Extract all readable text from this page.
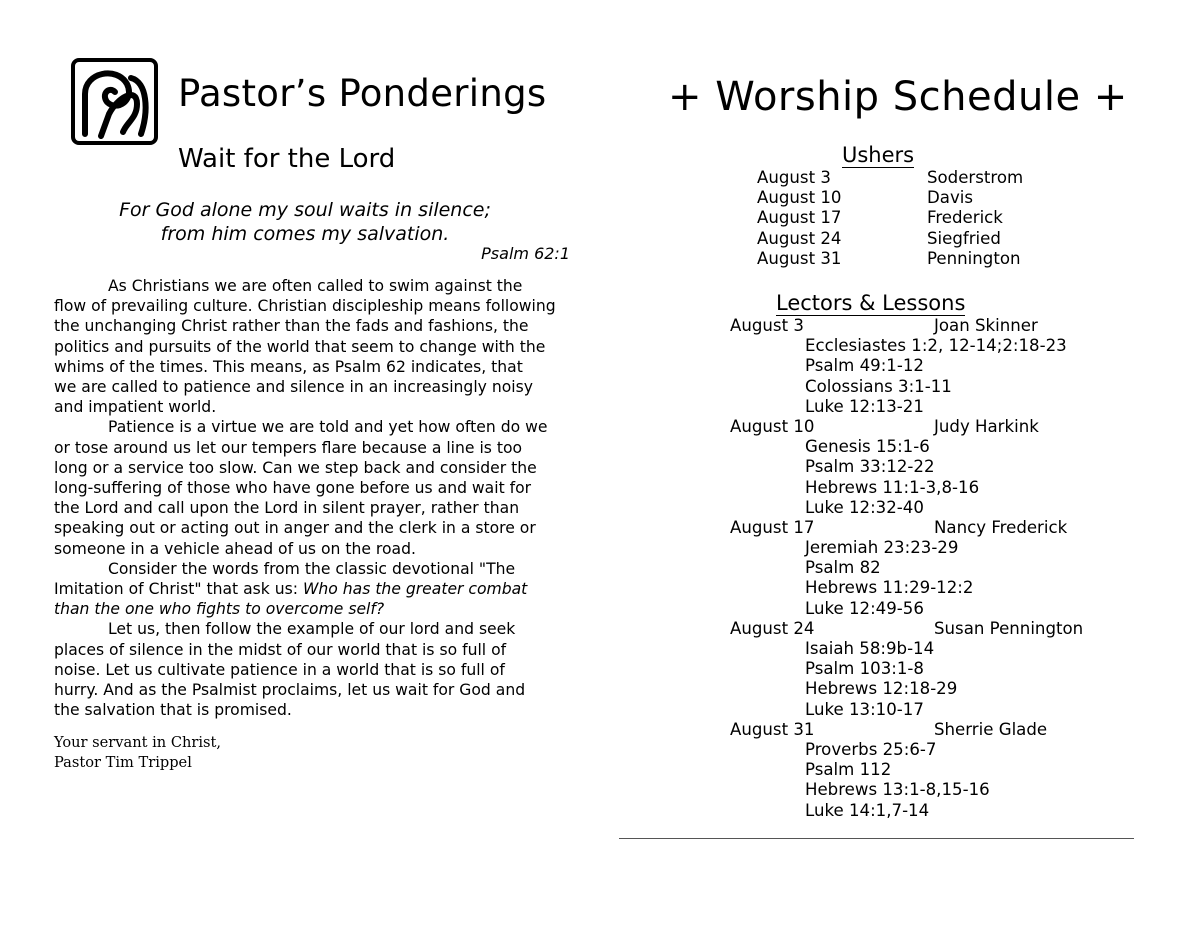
Pastor’s Ponderings
Wait for the Lord
For God alone my soul waits in silence;
from him comes my salvation.
Psalm 62:1
As Christians we are often called to swim against the
flow of prevailing culture. Christian discipleship means following
the unchanging Christ rather than the fads and fashions, the
politics and pursuits of the world that seem to change with the
whims of the times. This means, as Psalm 62 indicates, that
we are called to patience and silence in an increasingly noisy
and impatient world.
Patience is a virtue we are told and yet how often do we
or tose around us let our tempers flare because a line is too
long or a service too slow. Can we step back and consider the
long-suffering of those who have gone before us and wait for
the Lord and call upon the Lord in silent prayer, rather than
speaking out or acting out in anger and the clerk in a store or
someone in a vehicle ahead of us on the road.
Consider the words from the classic devotional "The
Imitation of Christ" that ask us: Who has the greater combat
than the one who fights to overcome self?
Let us, then follow the example of our lord and seek
places of silence in the midst of our world that is so full of
noise. Let us cultivate patience in a world that is so full of
hurry. And as the Psalmist proclaims, let us wait for God and
the salvation that is promised.
Your servant in Christ,
Pastor Tim Trippel
+ Worship Schedule +
Ushers
August 3	Soderstrom
August 10	Davis
August 17	Frederick
August 24	Siegfried
August 31	Pennington
Lectors & Lessons
August 3	Joan Skinner
Ecclesiastes 1:2, 12-14;2:18-23
Psalm 49:1-12
Colossians 3:1-11
Luke 12:13-21
August 10	Judy Harkink
Genesis 15:1-6
Psalm 33:12-22
Hebrews 11:1-3,8-16
Luke 12:32-40
August 17	Nancy Frederick
Jeremiah 23:23-29
Psalm 82
Hebrews 11:29-12:2
Luke 12:49-56
August 24	Susan Pennington
Isaiah 58:9b-14
Psalm 103:1-8
Hebrews 12:18-29
Luke 13:10-17
August 31	Sherrie Glade
Proverbs 25:6-7
Psalm 112
Hebrews 13:1-8,15-16
Luke 14:1,7-14
